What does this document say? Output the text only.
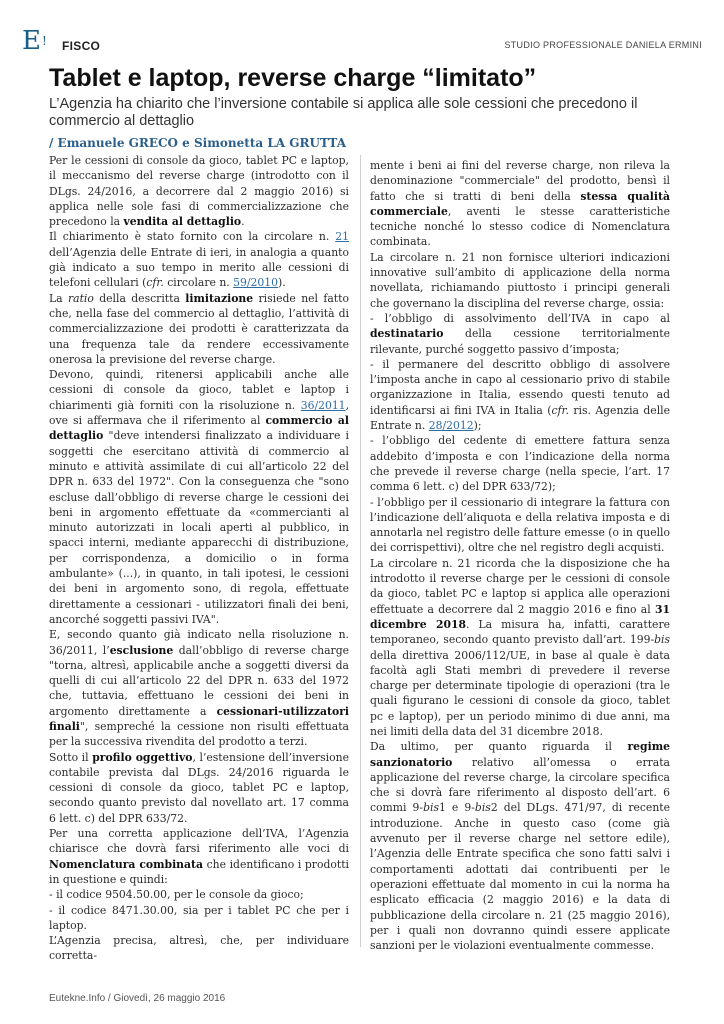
E! FISCO	STUDIO PROFESSIONALE DANIELA ERMINI
Tablet e laptop, reverse charge “limitato”

L’Agenzia ha chiarito che l’inversione contabile si applica alle sole cessioni che precedono il commercio al dettaglio

/ Emanuele GRECO e Simonetta LA GRUTTA

Per le cessioni di console da gioco, tablet PC e laptop, il meccanismo del reverse charge (introdotto con il DLgs. 24/2016, a decorrere dal 2 maggio 2016) si applica nelle sole fasi di commercializzazione che precedono la vendita al dettaglio.

Il chiarimento è stato fornito con la circolare n. 21 dell’Agenzia delle Entrate di ieri, in analogia a quanto già indicato a suo tempo in merito alle cessioni di telefoni cellulari (cfr. circolare n. 59/2010).

La ratio della descritta limitazione risiede nel fatto che, nella fase del commercio al dettaglio, l’attività di commercializzazione dei prodotti è caratterizzata da una frequenza tale da rendere eccessivamente onerosa la previsione del reverse charge.

Devono, quindi, ritenersi applicabili anche alle cessioni di console da gioco, tablet e laptop i chiarimenti già forniti con la risoluzione n. 36/2011, ove si affermava che il riferimento al commercio al dettaglio "deve intendersi finalizzato a individuare i soggetti che esercitano attività di commercio al minuto e attività assimilate di cui all’articolo 22 del DPR n. 633 del 1972". Con la conseguenza che "sono escluse dall’obbligo di reverse charge le cessioni dei beni in argomento effettuate da «commercianti al minuto autorizzati in locali aperti al pubblico, in spacci interni, mediante apparecchi di distribuzione, per corrispondenza, a domicilio o in forma ambulante» (...), in quanto, in tali ipotesi, le cessioni dei beni in argomento sono, di regola, effettuate direttamente a cessionari - utilizzatori finali dei beni, ancorché soggetti passivi IVA".

E, secondo quanto già indicato nella risoluzione n. 36/2011, l’esclusione dall’obbligo di reverse charge "torna, altresì, applicabile anche a soggetti diversi da quelli di cui all’articolo 22 del DPR n. 633 del 1972 che, tuttavia, effettuano le cessioni dei beni in argomento direttamente a cessionari-utilizzatori finali", sempreché la cessione non risulti effettuata per la successiva rivendita del prodotto a terzi.

Sotto il profilo oggettivo, l’estensione dell’inversione contabile prevista dal DLgs. 24/2016 riguarda le cessioni di console da gioco, tablet PC e laptop, secondo quanto previsto dal novellato art. 17 comma 6 lett. c) del DPR 633/72.

Per una corretta applicazione dell’IVA, l’Agenzia chiarisce che dovrà farsi riferimento alle voci di Nomenclatura combinata che identificano i prodotti in questione e quindi:

- il codice 9504.50.00, per le console da gioco;

- il codice 8471.30.00, sia per i tablet PC che per i laptop.

L’Agenzia precisa, altresì, che, per individuare corretta-

mente i beni ai fini del reverse charge, non rileva la denominazione "commerciale" del prodotto, bensì il fatto che si tratti di beni della stessa qualità commerciale, aventi le stesse caratteristiche tecniche nonché lo stesso codice di Nomenclatura combinata.

La circolare n. 21 non fornisce ulteriori indicazioni innovative sull’ambito di applicazione della norma novellata, richiamando piuttosto i principi generali che governano la disciplina del reverse charge, ossia:

- l’obbligo di assolvimento dell’IVA in capo al destinatario della cessione territorialmente rilevante, purché soggetto passivo d’imposta;

- il permanere del descritto obbligo di assolvere l’imposta anche in capo al cessionario privo di stabile organizzazione in Italia, essendo questi tenuto ad identificarsi ai fini IVA in Italia (cfr. ris. Agenzia delle Entrate n. 28/2012);

- l’obbligo del cedente di emettere fattura senza addebito d’imposta e con l’indicazione della norma che prevede il reverse charge (nella specie, l’art. 17 comma 6 lett. c) del DPR 633/72);

- l’obbligo per il cessionario di integrare la fattura con l’indicazione dell’aliquota e della relativa imposta e di annotarla nel registro delle fatture emesse (o in quello dei corrispettivi), oltre che nel registro degli acquisti.

La circolare n. 21 ricorda che la disposizione che ha introdotto il reverse charge per le cessioni di console da gioco, tablet PC e laptop si applica alle operazioni effettuate a decorrere dal 2 maggio 2016 e fino al 31 dicembre 2018. La misura ha, infatti, carattere temporaneo, secondo quanto previsto dall’art. 199-bis della direttiva 2006/112/UE, in base al quale è data facoltà agli Stati membri di prevedere il reverse charge per determinate tipologie di operazioni (tra le quali figurano le cessioni di console da gioco, tablet pc e laptop), per un periodo minimo di due anni, ma nei limiti della data del 31 dicembre 2018.

Da ultimo, per quanto riguarda il regime sanzionatorio relativo all’omessa o errata applicazione del reverse charge, la circolare specifica che si dovrà fare riferimento al disposto dell’art. 6 commi 9-bis1 e 9-bis2 del DLgs. 471/97, di recente introduzione. Anche in questo caso (come già avvenuto per il reverse charge nel settore edile), l’Agenzia delle Entrate specifica che sono fatti salvi i comportamenti adottati dai contribuenti per le operazioni effettuate dal momento in cui la norma ha esplicato efficacia (2 maggio 2016) e la data di pubblicazione della circolare n. 21 (25 maggio 2016), per i quali non dovranno quindi essere applicate sanzioni per le violazioni eventualmente commesse.

Eutekne.Info / Giovedì, 26 maggio 2016
